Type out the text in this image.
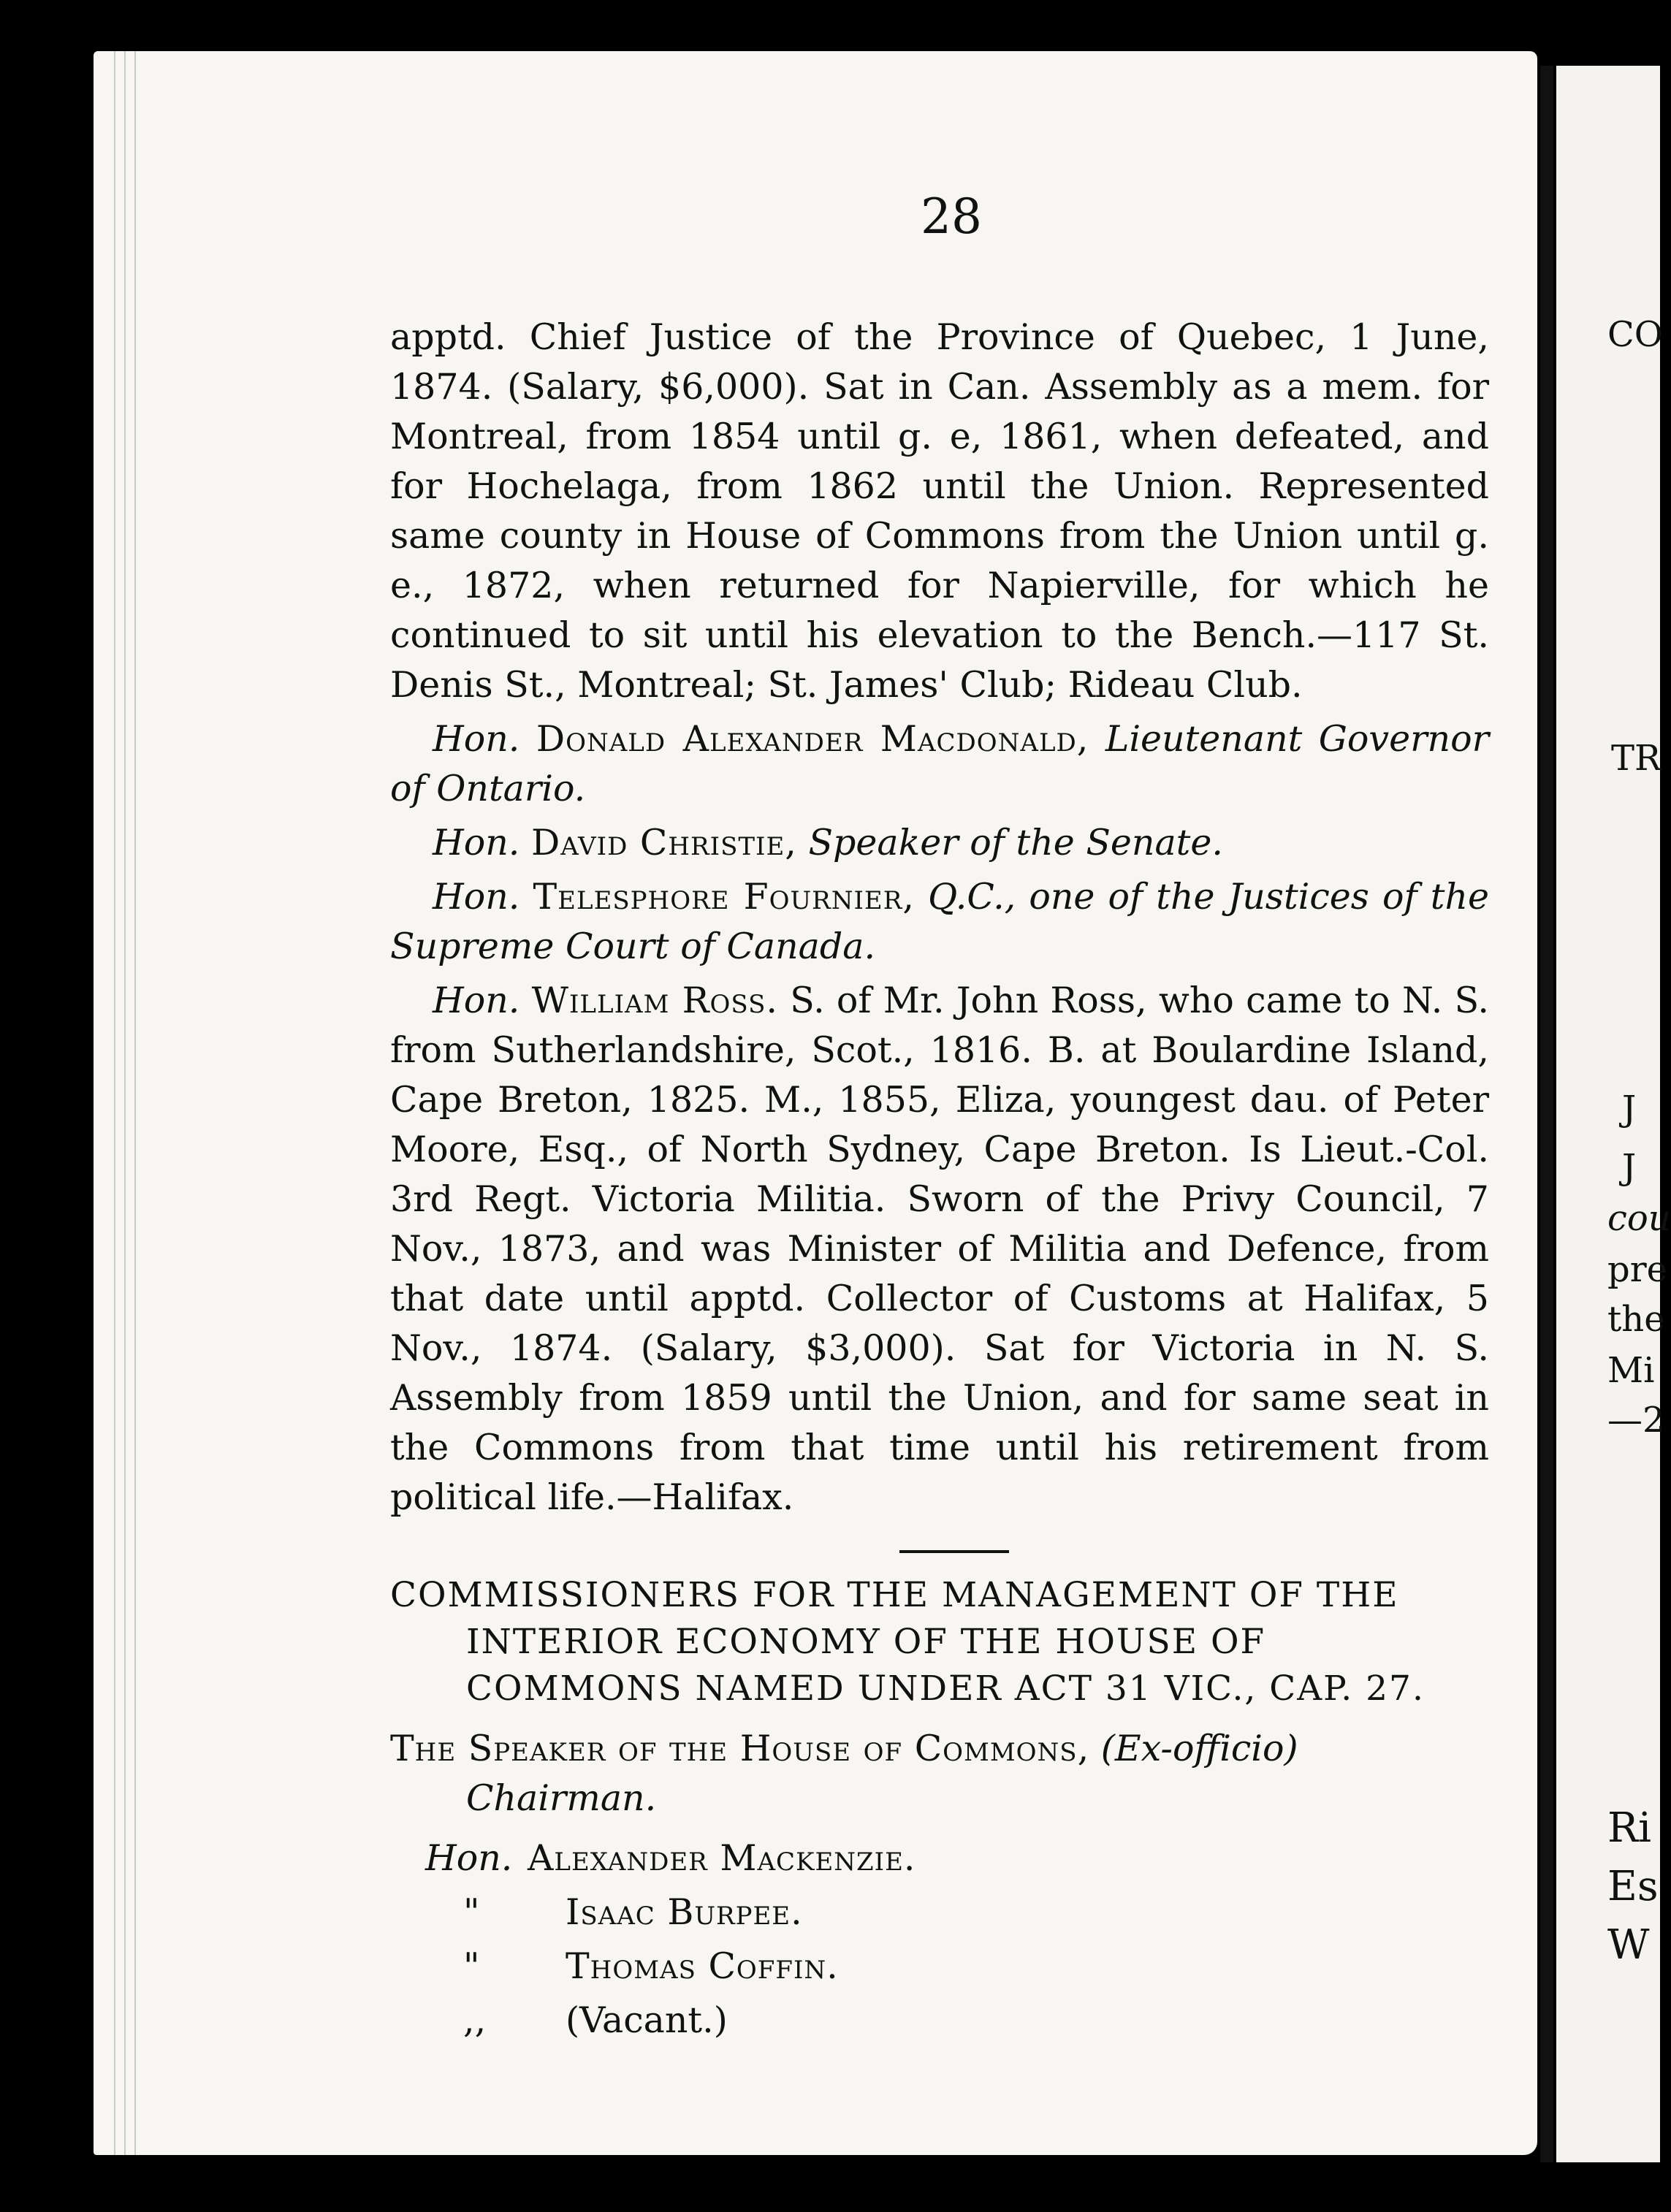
28

apptd. Chief Justice of the Province of Quebec, 1 June, 1874. (Salary, $6,000). Sat in Can. Assembly as a mem. for Montreal, from 1854 until g. e, 1861, when defeated, and for Hochelaga, from 1862 until the Union. Represented same county in House of Commons from the Union until g. e., 1872, when returned for Napierville, for which he continued to sit until his elevation to the Bench.—117 St. Denis St., Montreal; St. James' Club; Rideau Club.

Hon. Donald Alexander Macdonald, Lieutenant Governor of Ontario.

Hon. David Christie, Speaker of the Senate.

Hon. Telesphore Fournier, Q.C., one of the Justices of the Supreme Court of Canada.

Hon. William Ross. S. of Mr. John Ross, who came to N. S. from Sutherlandshire, Scot., 1816. B. at Boulardine Island, Cape Breton, 1825. M., 1855, Eliza, youngest dau. of Peter Moore, Esq., of North Sydney, Cape Breton. Is Lieut.-Col. 3rd Regt. Victoria Militia. Sworn of the Privy Council, 7 Nov., 1873, and was Minister of Militia and Defence, from that date until apptd. Collector of Customs at Halifax, 5 Nov., 1874. (Salary, $3,000). Sat for Victoria in N. S. Assembly from 1859 until the Union, and for same seat in the Commons from that time until his retirement from political life.—Halifax.

COMMISSIONERS FOR THE MANAGEMENT OF THE INTERIOR ECONOMY OF THE HOUSE OF COMMONS NAMED UNDER ACT 31 VIC., CAP. 27.

The Speaker of the House of Commons, (Ex-officio) Chairman.

Hon. Alexander Mackenzie.
"	Isaac Burpee.
"	Thomas Coffin.
,,	(Vacant.)
CO
TR
J
J
cou
pre
the
Mi
—2
Ri
Es
W
